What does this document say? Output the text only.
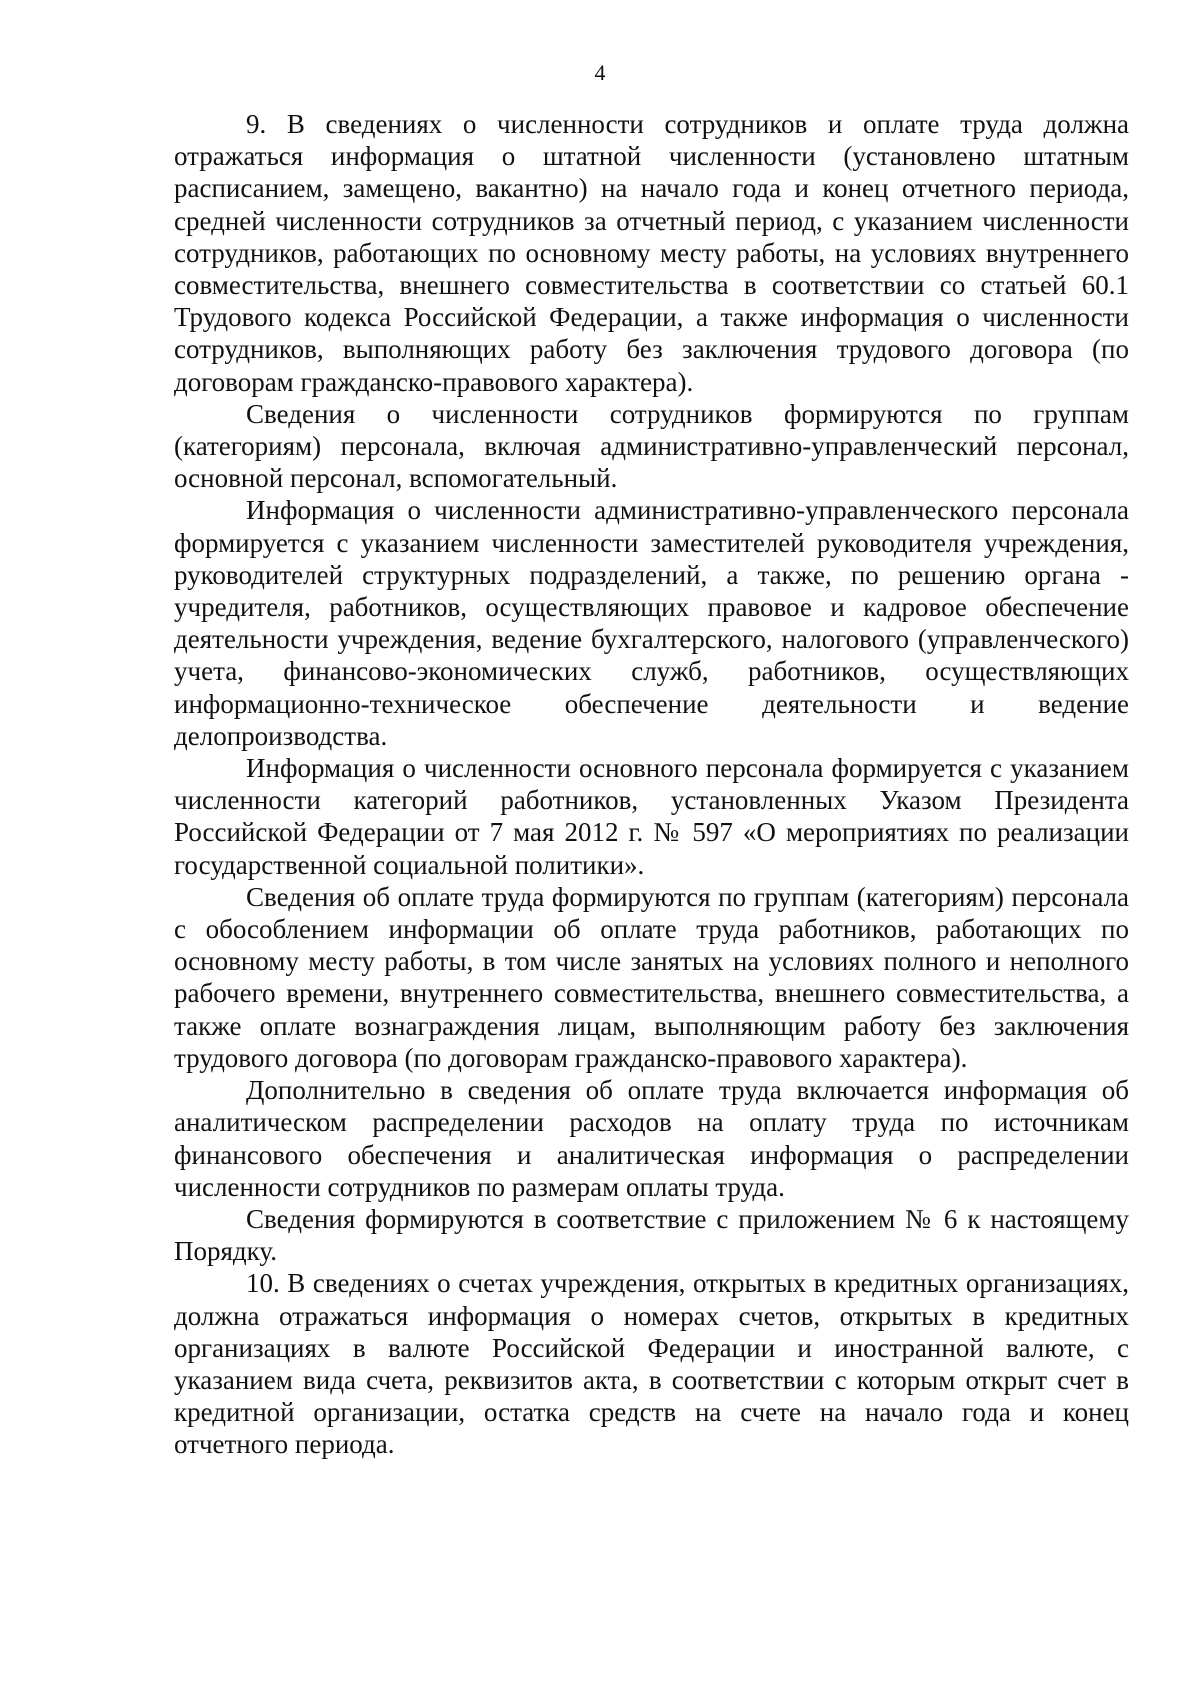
4

9. В сведениях о численности сотрудников и оплате труда должна отражаться информация о штатной численности (установлено штатным расписанием, замещено, вакантно) на начало года и конец отчетного периода, средней численности сотрудников за отчетный период, с указанием численности сотрудников, работающих по основному месту работы, на условиях внутреннего совместительства, внешнего совместительства в соответствии со статьей 60.1 Трудового кодекса Российской Федерации, а также информация о численности сотрудников, выполняющих работу без заключения трудового договора (по договорам гражданско-правового характера).

Сведения о численности сотрудников формируются по группам (категориям) персонала, включая административно-управленческий персонал, основной персонал, вспомогательный.

Информация о численности административно-управленческого персонала формируется с указанием численности заместителей руководителя учреждения, руководителей структурных подразделений, а также, по решению органа - учредителя, работников, осуществляющих правовое и кадровое обеспечение деятельности учреждения, ведение бухгалтерского, налогового (управленческого) учета, финансово-экономических служб, работников, осуществляющих информационно-техническое обеспечение деятельности и ведение делопроизводства.

Информация о численности основного персонала формируется с указанием численности категорий работников, установленных Указом Президента Российской Федерации от 7 мая 2012 г. № 597 «О мероприятиях по реализации государственной социальной политики».

Сведения об оплате труда формируются по группам (категориям) персонала с обособлением информации об оплате труда работников, работающих по основному месту работы, в том числе занятых на условиях полного и неполного рабочего времени, внутреннего совместительства, внешнего совместительства, а также оплате вознаграждения лицам, выполняющим работу без заключения трудового договора (по договорам гражданско-правового характера).

Дополнительно в сведения об оплате труда включается информация об аналитическом распределении расходов на оплату труда по источникам финансового обеспечения и аналитическая информация о распределении численности сотрудников по размерам оплаты труда.

Сведения формируются в соответствие с приложением № 6 к настоящему Порядку.

10. В сведениях о счетах учреждения, открытых в кредитных организациях, должна отражаться информация о номерах счетов, открытых в кредитных организациях в валюте Российской Федерации и иностранной валюте, с указанием вида счета, реквизитов акта, в соответствии с которым открыт счет в кредитной организации, остатка средств на счете на начало года и конец отчетного периода.
